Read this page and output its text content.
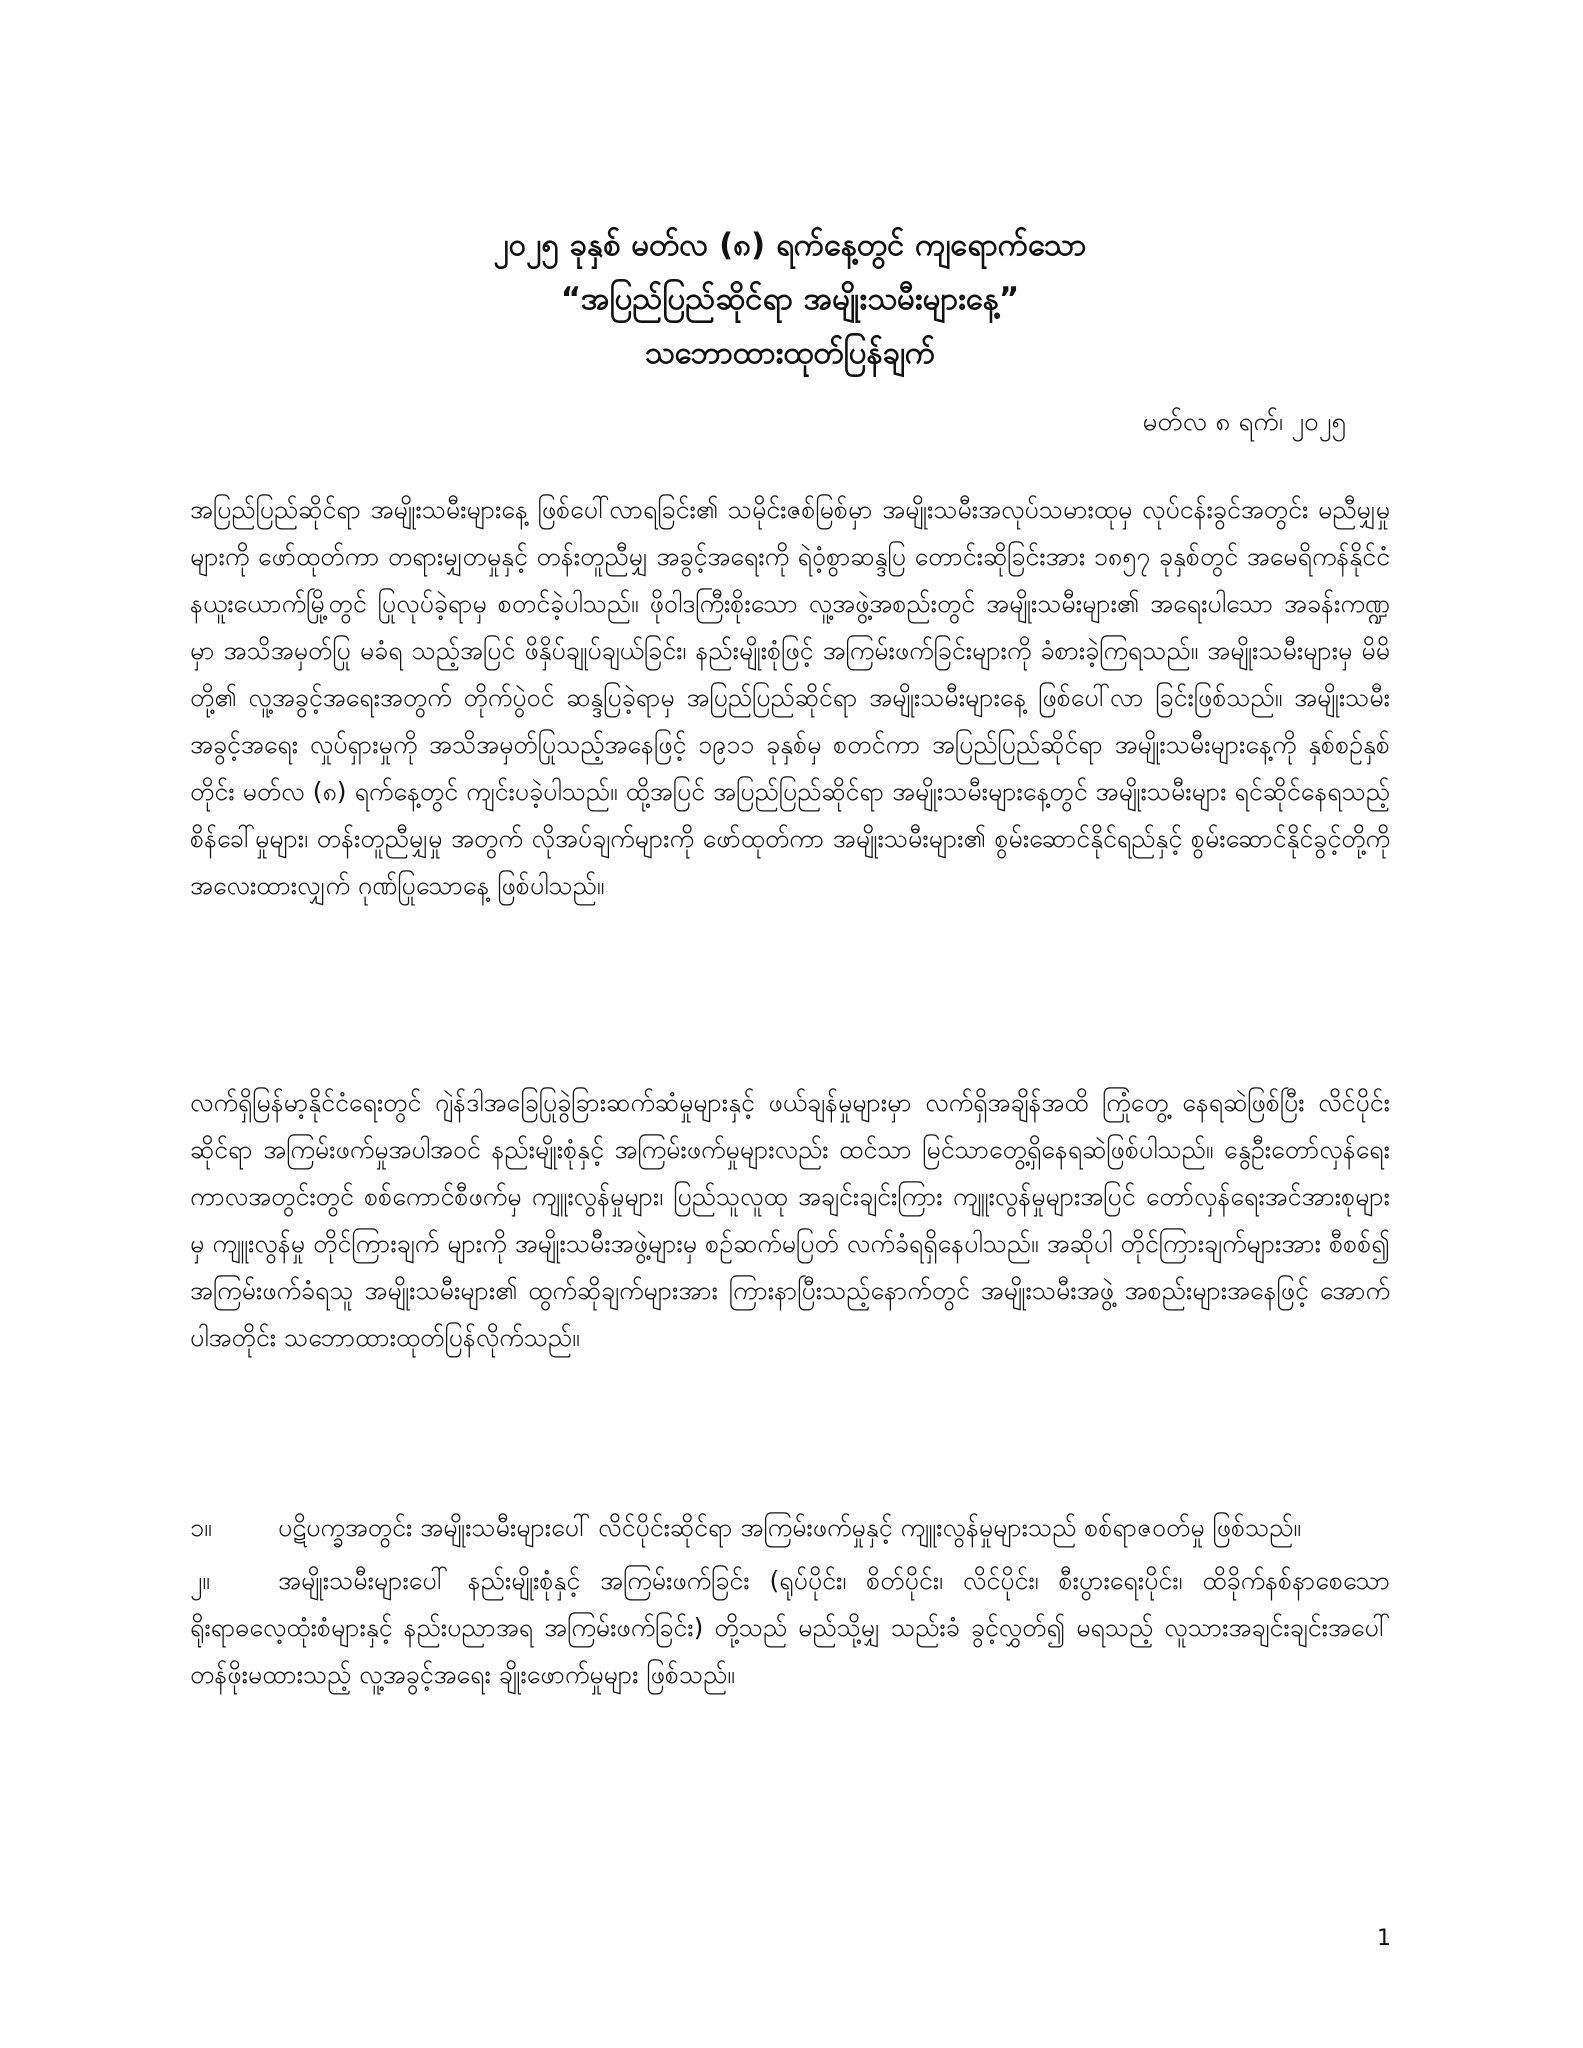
၂၀၂၅ ခုနှစ် မတ်လ (၈) ရက်နေ့တွင် ကျရောက်သော
“အပြည်ပြည်ဆိုင်ရာ အမျိုးသမီးများနေ့”
သဘောထားထုတ်ပြန်ချက်
မတ်လ ၈ ရက်၊ ၂၀၂၅

အပြည်ပြည်ဆိုင်ရာ အမျိုးသမီးများနေ့ ဖြစ်ပေါ်လာရခြင်း၏ သမိုင်းဇစ်မြစ်မှာ အမျိုးသမီးအလုပ်သမားထုမှ လုပ်ငန်းခွင်အတွင်း မညီမျှမှုများကို ဖော်ထုတ်ကာ တရားမျှတမှုနှင့် တန်းတူညီမျှ အခွင့်အရေးကို ရဲဝံ့စွာဆန္ဒပြ တောင်းဆိုခြင်းအား ၁၈၅၇ ခုနှစ်တွင် အမေရိကန်နိုင်ငံ နယူးယောက်မြို့တွင် ပြုလုပ်ခဲ့ရာမှ စတင်ခဲ့ပါသည်။ ဖိုဝါဒကြီးစိုးသော လူ့အဖွဲ့အစည်းတွင် အမျိုးသမီးများ၏ အရေးပါသော အခန်းကဏ္ဍမှာ အသိအမှတ်ပြု မခံရ သည့်အပြင် ဖိနှိပ်ချုပ်ချယ်ခြင်း၊ နည်းမျိုးစုံဖြင့် အကြမ်းဖက်ခြင်းများကို ခံစားခဲ့ကြရသည်။ အမျိုးသမီးများမှ မိမိတို့၏ လူ့အခွင့်အရေးအတွက် တိုက်ပွဲဝင် ဆန္ဒပြခဲ့ရာမှ အပြည်ပြည်ဆိုင်ရာ အမျိုးသမီးများနေ့ ဖြစ်ပေါ်လာ ခြင်းဖြစ်သည်။ အမျိုးသမီးအခွင့်အရေး လှုပ်ရှားမှုကို အသိအမှတ်ပြုသည့်အနေဖြင့် ၁၉၁၁ ခုနှစ်မှ စတင်ကာ အပြည်ပြည်ဆိုင်ရာ အမျိုးသမီးများနေ့ကို နှစ်စဉ်နှစ်တိုင်း မတ်လ (၈) ရက်နေ့တွင် ကျင်းပခဲ့ပါသည်။ ထို့အပြင် အပြည်ပြည်ဆိုင်ရာ အမျိုးသမီးများနေ့တွင် အမျိုးသမီးများ ရင်ဆိုင်နေရသည့် စိန်ခေါ်မှုများ၊ တန်းတူညီမျှမှု အတွက် လိုအပ်ချက်များကို ဖော်ထုတ်ကာ အမျိုးသမီးများ၏ စွမ်းဆောင်နိုင်ရည်နှင့် စွမ်းဆောင်နိုင်ခွင့်တို့ကို အလေးထားလျှက် ဂုဏ်ပြုသောနေ့ ဖြစ်ပါသည်။

လက်ရှိမြန်မာ့နိုင်ငံရေးတွင် ဂျဲန်ဒါအခြေပြုခွဲခြားဆက်ဆံမှုများနှင့် ဖယ်ချန်မှုများမှာ လက်ရှိအချိန်အထိ ကြုံတွေ့ နေရဆဲဖြစ်ပြီး လိင်ပိုင်းဆိုင်ရာ အကြမ်းဖက်မှုအပါအဝင် နည်းမျိုးစုံနှင့် အကြမ်းဖက်မှုများလည်း ထင်သာ မြင်သာတွေ့ရှိနေရဆဲဖြစ်ပါသည်။ နွေဦးတော်လှန်ရေးကာလအတွင်းတွင် စစ်ကောင်စီဖက်မှ ကျူးလွန်မှုများ၊ ပြည်သူလူထု အချင်းချင်းကြား ကျူးလွန်မှုများအပြင် တော်လှန်ရေးအင်အားစုများမှ ကျူးလွန်မှု တိုင်ကြားချက် များကို အမျိုးသမီးအဖွဲ့များမှ စဉ်ဆက်မပြတ် လက်ခံရရှိနေပါသည်။ အဆိုပါ တိုင်ကြားချက်များအား စီစစ်၍ အကြမ်းဖက်ခံရသူ အမျိုးသမီးများ၏ ထွက်ဆိုချက်များအား ကြားနာပြီးသည့်နောက်တွင် အမျိုးသမီးအဖွဲ့ အစည်းများအနေဖြင့် အောက်ပါအတိုင်း သဘောထားထုတ်ပြန်လိုက်သည်။

၁။	ပဋိပက္ခအတွင်း အမျိုးသမီးများပေါ် လိင်ပိုင်းဆိုင်ရာ အကြမ်းဖက်မှုနှင့် ကျူးလွန်မှုများသည် စစ်ရာဇဝတ်မှု ဖြစ်သည်။
၂။	အမျိုးသမီးများပေါ် နည်းမျိုးစုံနှင့် အကြမ်းဖက်ခြင်း (ရုပ်ပိုင်း၊ စိတ်ပိုင်း၊ လိင်ပိုင်း၊ စီးပွားရေးပိုင်း၊ ထိခိုက်နစ်နာစေသော ရိုးရာဓလေ့ထုံးစံများနှင့် နည်းပညာအရ အကြမ်းဖက်ခြင်း) တို့သည် မည်သို့မျှ သည်းခံ ခွင့်လွှတ်၍ မရသည့် လူသားအချင်းချင်းအပေါ် တန်ဖိုးမထားသည့် လူ့အခွင့်အရေး ချိုးဖောက်မှုများ ဖြစ်သည်။
1
